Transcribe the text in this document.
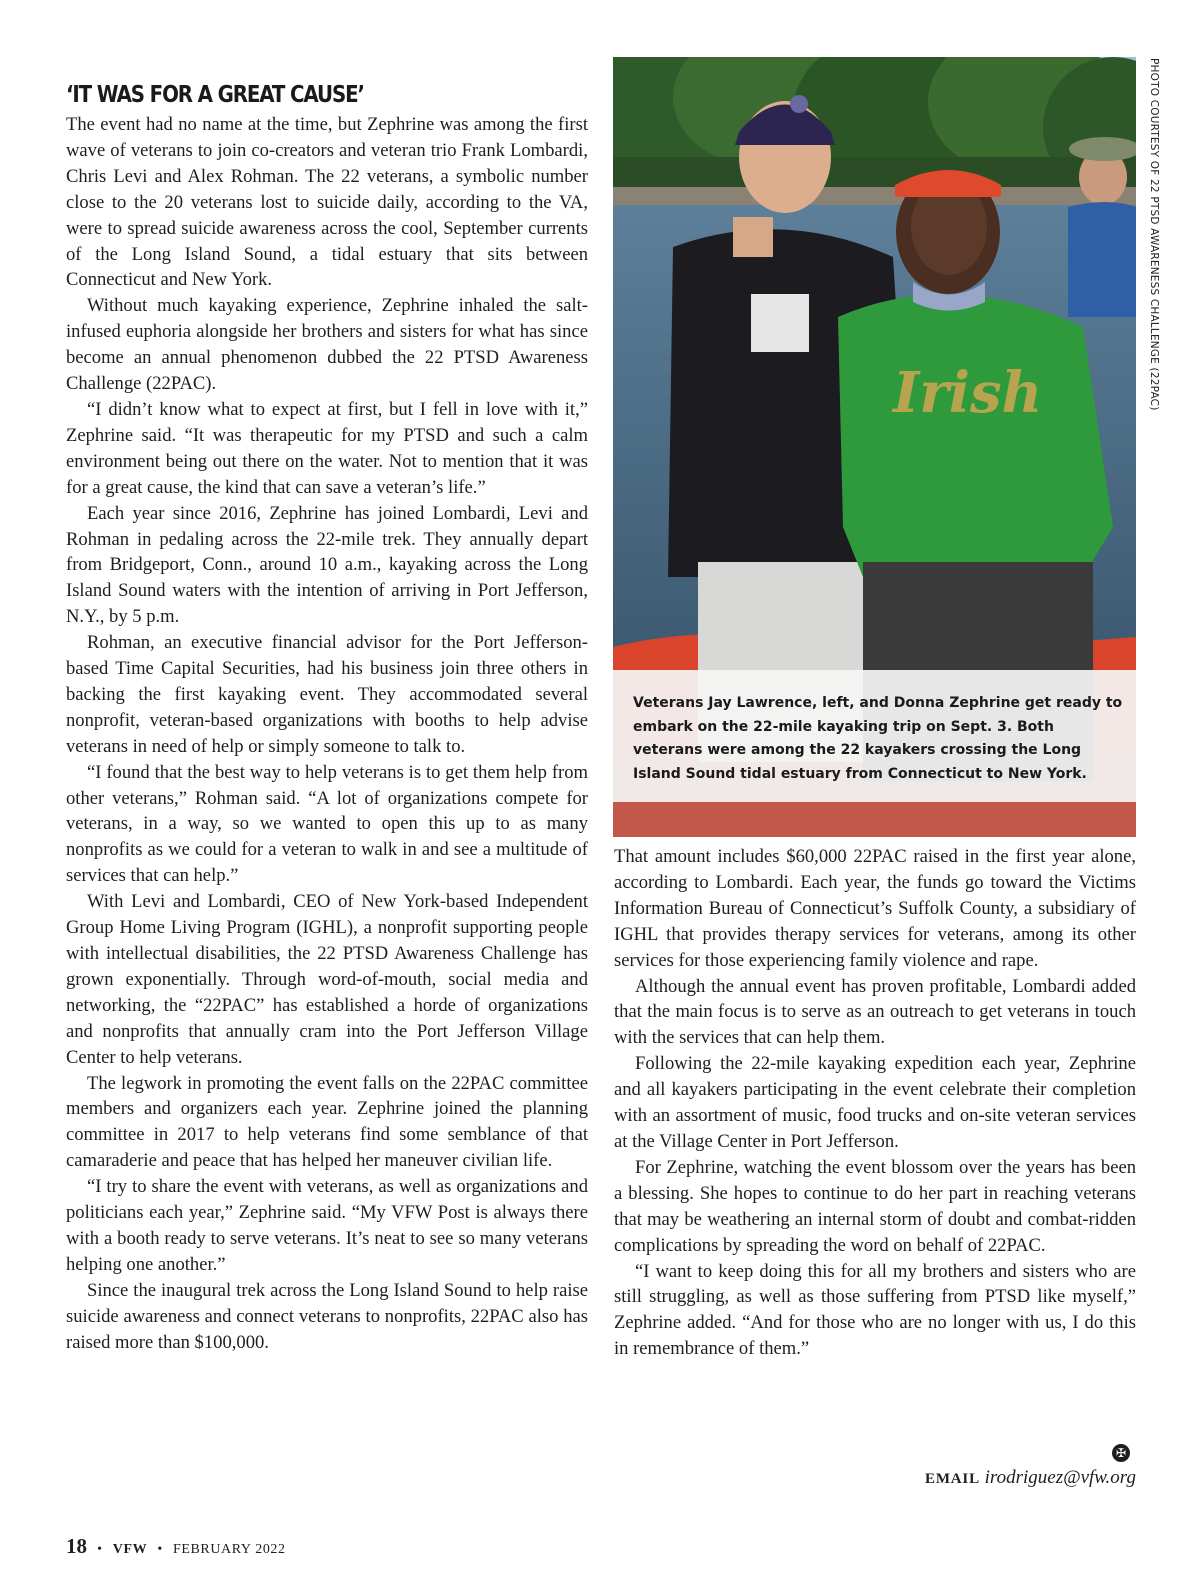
‘IT WAS FOR A GREAT CAUSE’

The event had no name at the time, but Zephrine was among the first wave of veterans to join co-creators and veteran trio Frank Lombardi, Chris Levi and Alex Rohman. The 22 veterans, a symbolic number close to the 20 veterans lost to suicide daily, according to the VA, were to spread suicide awareness across the cool, September currents of the Long Island Sound, a tidal estuary that sits between Connecticut and New York.

Without much kayaking experience, Zephrine inhaled the salt-infused euphoria alongside her brothers and sisters for what has since become an annual phenomenon dubbed the 22 PTSD Awareness Challenge (22PAC).

“I didn’t know what to expect at first, but I fell in love with it,” Zephrine said. “It was therapeutic for my PTSD and such a calm environment being out there on the water. Not to mention that it was for a great cause, the kind that can save a veteran’s life.”

Each year since 2016, Zephrine has joined Lombardi, Levi and Rohman in pedaling across the 22-mile trek. They annually depart from Bridgeport, Conn., around 10 a.m., kayaking across the Long Island Sound waters with the intention of arriving in Port Jefferson, N.Y., by 5 p.m.

Rohman, an executive financial advisor for the Port Jefferson-based Time Capital Securities, had his business join three others in backing the first kayaking event. They accommodated several nonprofit, veteran-based organizations with booths to help advise veterans in need of help or simply someone to talk to.

“I found that the best way to help veterans is to get them help from other veterans,” Rohman said. “A lot of organizations compete for veterans, in a way, so we wanted to open this up to as many nonprofits as we could for a veteran to walk in and see a multitude of services that can help.”

With Levi and Lombardi, CEO of New York-based Independent Group Home Living Program (IGHL), a nonprofit supporting people with intellectual disabilities, the 22 PTSD Awareness Challenge has grown exponentially. Through word-of-mouth, social media and networking, the “22PAC” has established a horde of organizations and nonprofits that annually cram into the Port Jefferson Village Center to help veterans.

The legwork in promoting the event falls on the 22PAC committee members and organizers each year. Zephrine joined the planning committee in 2017 to help veterans find some semblance of that camaraderie and peace that has helped her maneuver civilian life.

“I try to share the event with veterans, as well as organizations and politicians each year,” Zephrine said. “My VFW Post is always there with a booth ready to serve veterans. It’s neat to see so many veterans helping one another.”

Since the inaugural trek across the Long Island Sound to help raise suicide awareness and connect veterans to nonprofits, 22PAC also has raised more than $100,000.

Irish
Veterans Jay Lawrence, left, and Donna Zephrine get ready to embark on the 22-mile kayaking trip on Sept. 3. Both veterans were among the 22 kayakers crossing the Long Island Sound tidal estuary from Connecticut to New York.
PHOTO COURTESY OF 22 PTSD AWARENESS CHALLENGE (22PAC)

That amount includes $60,000 22PAC raised in the first year alone, according to Lombardi. Each year, the funds go toward the Victims Information Bureau of Connecticut’s Suffolk County, a subsidiary of IGHL that provides therapy services for veterans, among its other services for those experiencing family violence and rape.

Although the annual event has proven profitable, Lombardi added that the main focus is to serve as an outreach to get veterans in touch with the services that can help them.

Following the 22-mile kayaking expedition each year, Zephrine and all kayakers participating in the event celebrate their completion with an assortment of music, food trucks and on-site veteran services at the Village Center in Port Jefferson.

For Zephrine, watching the event blossom over the years has been a blessing. She hopes to continue to do her part in reaching veterans that may be weathering an internal storm of doubt and combat-ridden complications by spreading the word on behalf of 22PAC.

“I want to keep doing this for all my brothers and sisters who are still struggling, as well as those suffering from PTSD like myself,” Zephrine added. “And for those who are no longer with us, I do this in remembrance of them.”

✠
EMAIL irodriguez@vfw.org
18 • VFW • FEBRUARY 2022
